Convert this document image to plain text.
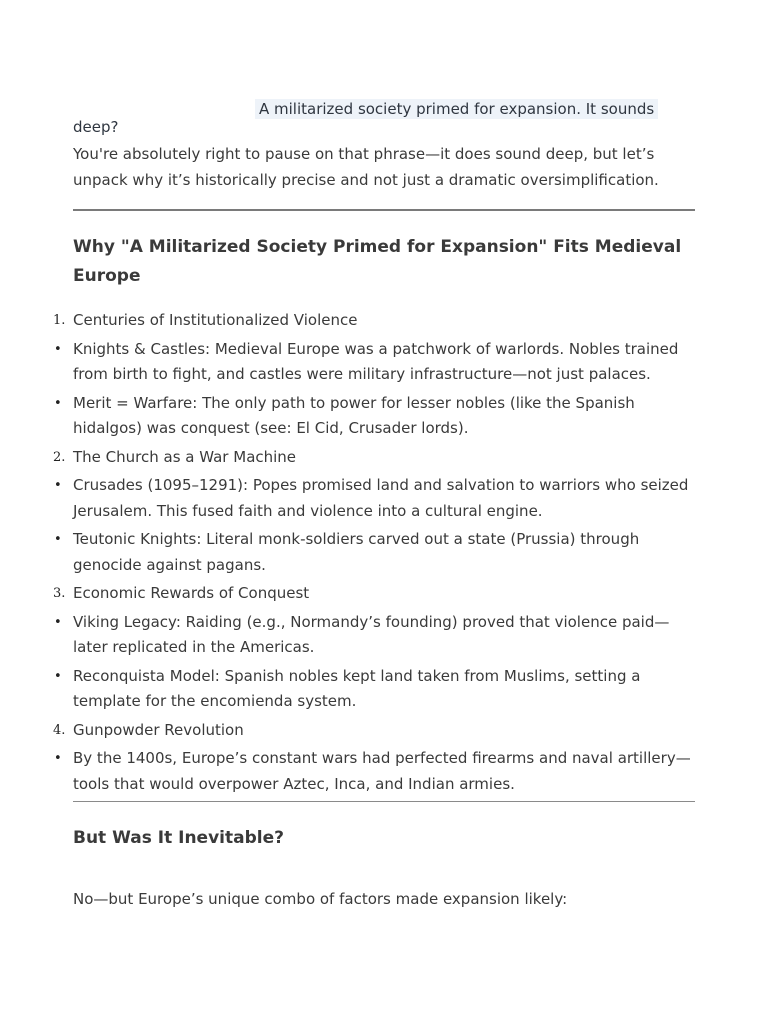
A militarized society primed for expansion. It sounds
deep?

You're absolutely right to pause on that phrase—it does sound deep, but let’s unpack why it’s historically precise and not just a dramatic oversimplification.

Why "A Militarized Society Primed for Expansion" Fits Medieval Europe
1. Centuries of Institutionalized Violence
• Knights & Castles: Medieval Europe was a patchwork of warlords. Nobles trained from birth to fight, and castles were military infrastructure—not just palaces.
• Merit = Warfare: The only path to power for lesser nobles (like the Spanish hidalgos) was conquest (see: El Cid, Crusader lords).
2. The Church as a War Machine
• Crusades (1095–1291): Popes promised land and salvation to warriors who seized Jerusalem. This fused faith and violence into a cultural engine.
• Teutonic Knights: Literal monk-soldiers carved out a state (Prussia) through genocide against pagans.
3. Economic Rewards of Conquest
• Viking Legacy: Raiding (e.g., Normandy’s founding) proved that violence paid—later replicated in the Americas.
• Reconquista Model: Spanish nobles kept land taken from Muslims, setting a template for the encomienda system.
4. Gunpowder Revolution
• By the 1400s, Europe’s constant wars had perfected firearms and naval artillery—tools that would overpower Aztec, Inca, and Indian armies.
But Was It Inevitable?

No—but Europe’s unique combo of factors made expansion likely:
